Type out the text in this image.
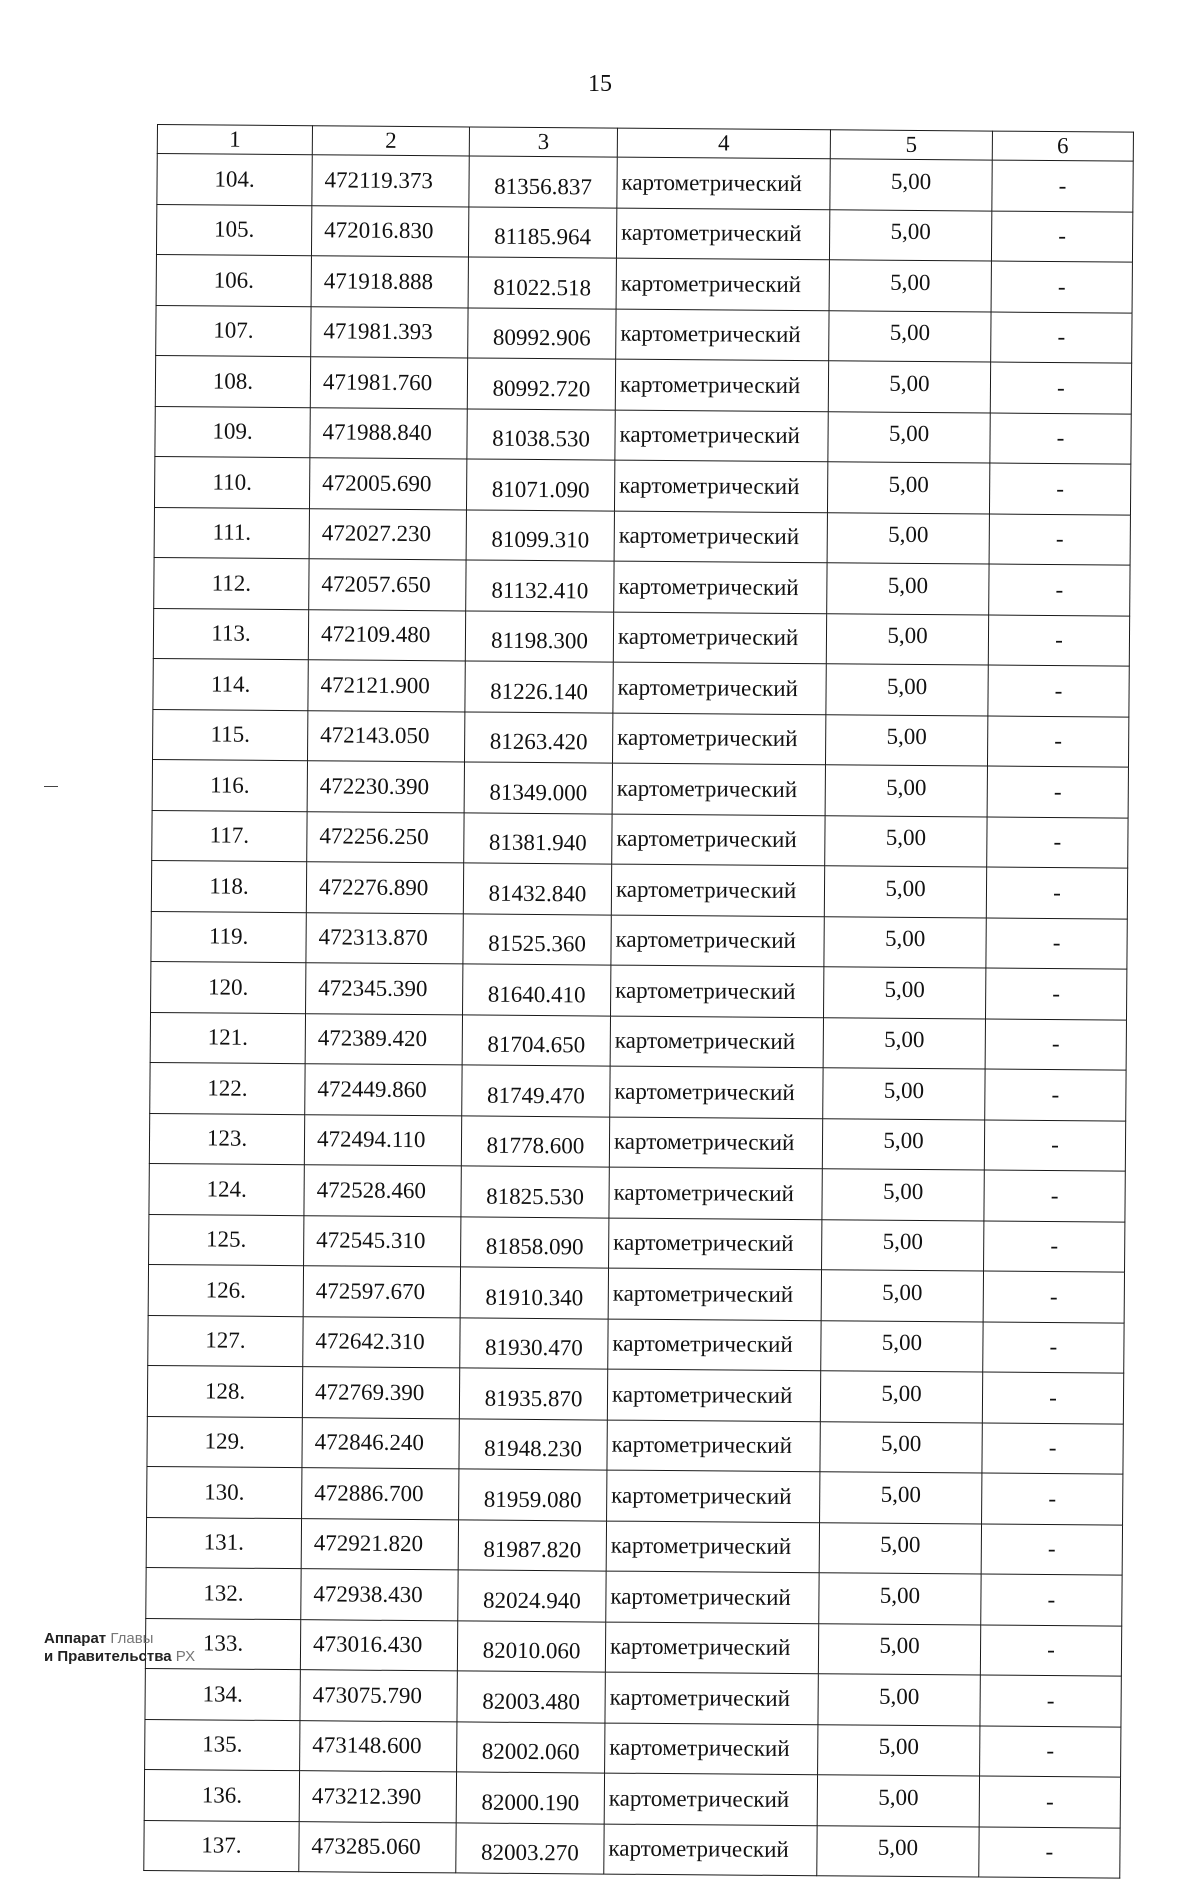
15
1	2	3	4	5	6
104.	472119.373	81356.837	картометрический	5,00	-
105.	472016.830	81185.964	картометрический	5,00	-
106.	471918.888	81022.518	картометрический	5,00	-
107.	471981.393	80992.906	картометрический	5,00	-
108.	471981.760	80992.720	картометрический	5,00	-
109.	471988.840	81038.530	картометрический	5,00	-
110.	472005.690	81071.090	картометрический	5,00	-
111.	472027.230	81099.310	картометрический	5,00	-
112.	472057.650	81132.410	картометрический	5,00	-
113.	472109.480	81198.300	картометрический	5,00	-
114.	472121.900	81226.140	картометрический	5,00	-
115.	472143.050	81263.420	картометрический	5,00	-
116.	472230.390	81349.000	картометрический	5,00	-
117.	472256.250	81381.940	картометрический	5,00	-
118.	472276.890	81432.840	картометрический	5,00	-
119.	472313.870	81525.360	картометрический	5,00	-
120.	472345.390	81640.410	картометрический	5,00	-
121.	472389.420	81704.650	картометрический	5,00	-
122.	472449.860	81749.470	картометрический	5,00	-
123.	472494.110	81778.600	картометрический	5,00	-
124.	472528.460	81825.530	картометрический	5,00	-
125.	472545.310	81858.090	картометрический	5,00	-
126.	472597.670	81910.340	картометрический	5,00	-
127.	472642.310	81930.470	картометрический	5,00	-
128.	472769.390	81935.870	картометрический	5,00	-
129.	472846.240	81948.230	картометрический	5,00	-
130.	472886.700	81959.080	картометрический	5,00	-
131.	472921.820	81987.820	картометрический	5,00	-
132.	472938.430	82024.940	картометрический	5,00	-
133.	473016.430	82010.060	картометрический	5,00	-
134.	473075.790	82003.480	картометрический	5,00	-
135.	473148.600	82002.060	картометрический	5,00	-
136.	473212.390	82000.190	картометрический	5,00	-
137.	473285.060	82003.270	картометрический	5,00	-
Аппарат Главы
и Правительства РХ
